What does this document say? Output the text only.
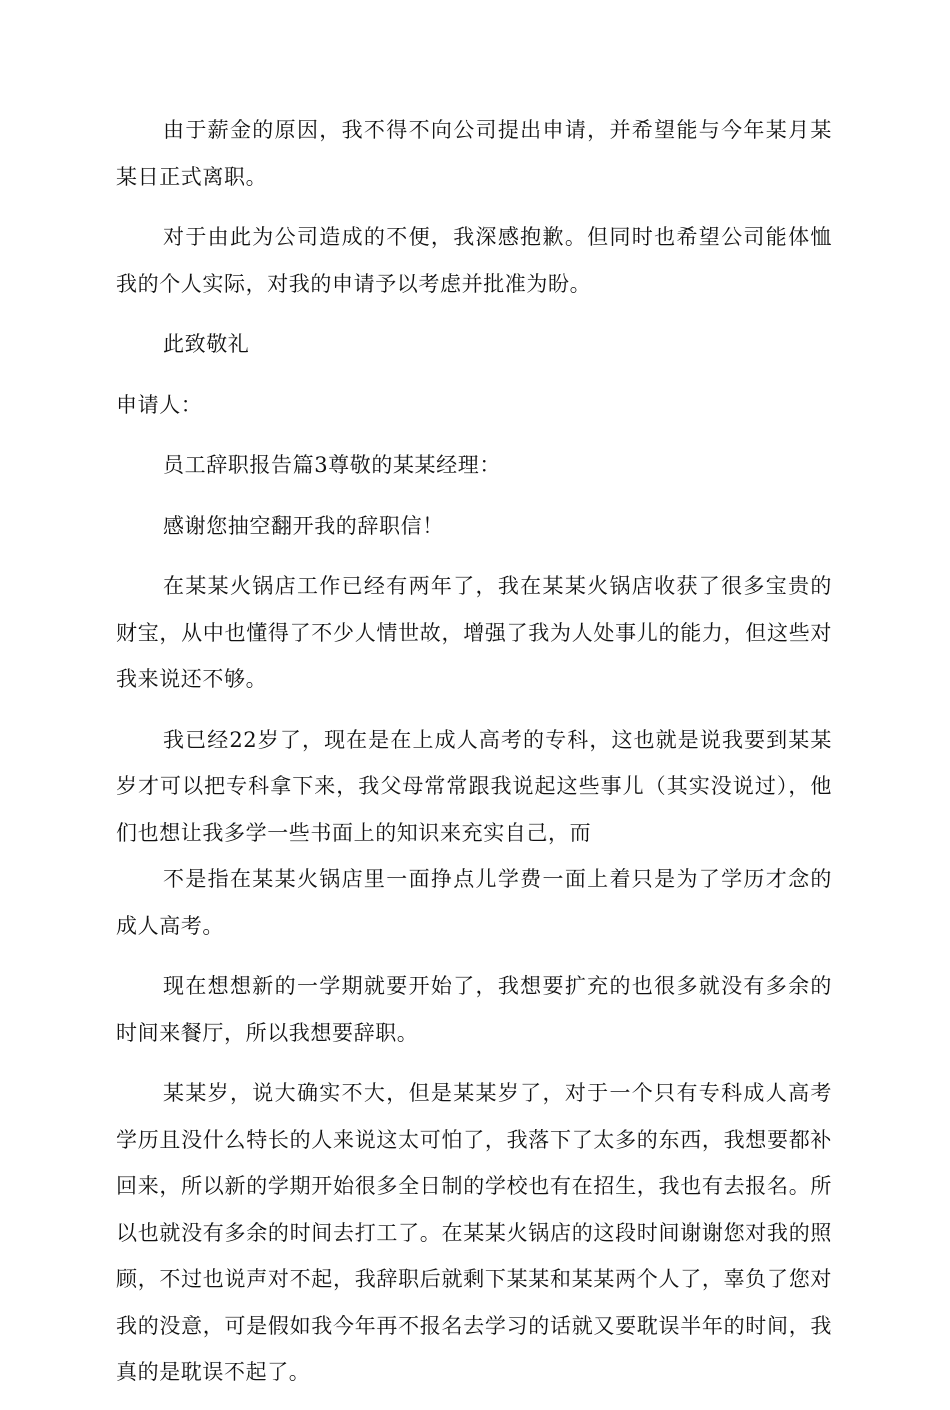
由于薪金的原因，我不得不向公司提出申请，并希望能与今年某月某某日正式离职。

对于由此为公司造成的不便，我深感抱歉。但同时也希望公司能体恤我的个人实际，对我的申请予以考虑并批准为盼。

此致敬礼

申请人：

员工辞职报告篇3尊敬的某某经理：

感谢您抽空翻开我的辞职信！

在某某火锅店工作已经有两年了，我在某某火锅店收获了很多宝贵的财宝，从中也懂得了不少人情世故，增强了我为人处事儿的能力，但这些对我来说还不够。

我已经22岁了，现在是在上成人高考的专科，这也就是说我要到某某岁才可以把专科拿下来，我父母常常跟我说起这些事儿（其实没说过），他们也想让我多学一些书面上的知识来充实自己，而

不是指在某某火锅店里一面挣点儿学费一面上着只是为了学历才念的成人高考。

现在想想新的一学期就要开始了，我想要扩充的也很多就没有多余的时间来餐厅，所以我想要辞职。

某某岁，说大确实不大，但是某某岁了，对于一个只有专科成人高考学历且没什么特长的人来说这太可怕了，我落下了太多的东西，我想要都补回来，所以新的学期开始很多全日制的学校也有在招生，我也有去报名。所以也就没有多余的时间去打工了。在某某火锅店的这段时间谢谢您对我的照顾，不过也说声对不起，我辞职后就剩下某某和某某两个人了，辜负了您对我的没意，可是假如我今年再不报名去学习的话就又要耽误半年的时间，我真的是耽误不起了。
